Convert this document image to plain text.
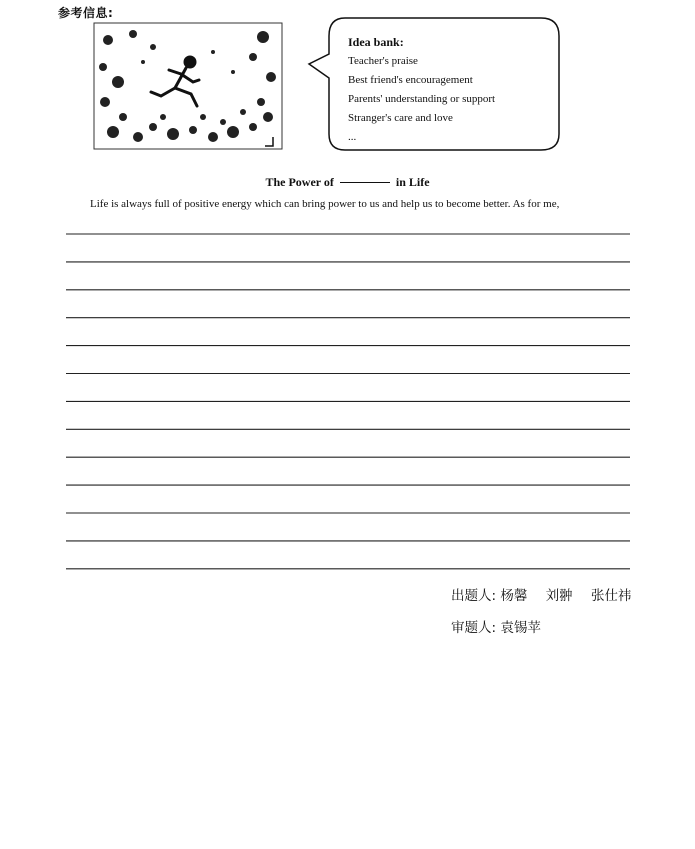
参考信息:
Idea bank:
Teacher's praise
Best friend's encouragement
Parents' understanding or support
Stranger's care and love
...
The Power of	in Life
Life is always full of positive energy which can bring power to us and help us to become better. As for me,
出题人: 杨馨 刘翀 张仕祎
审题人: 袁锡苹
